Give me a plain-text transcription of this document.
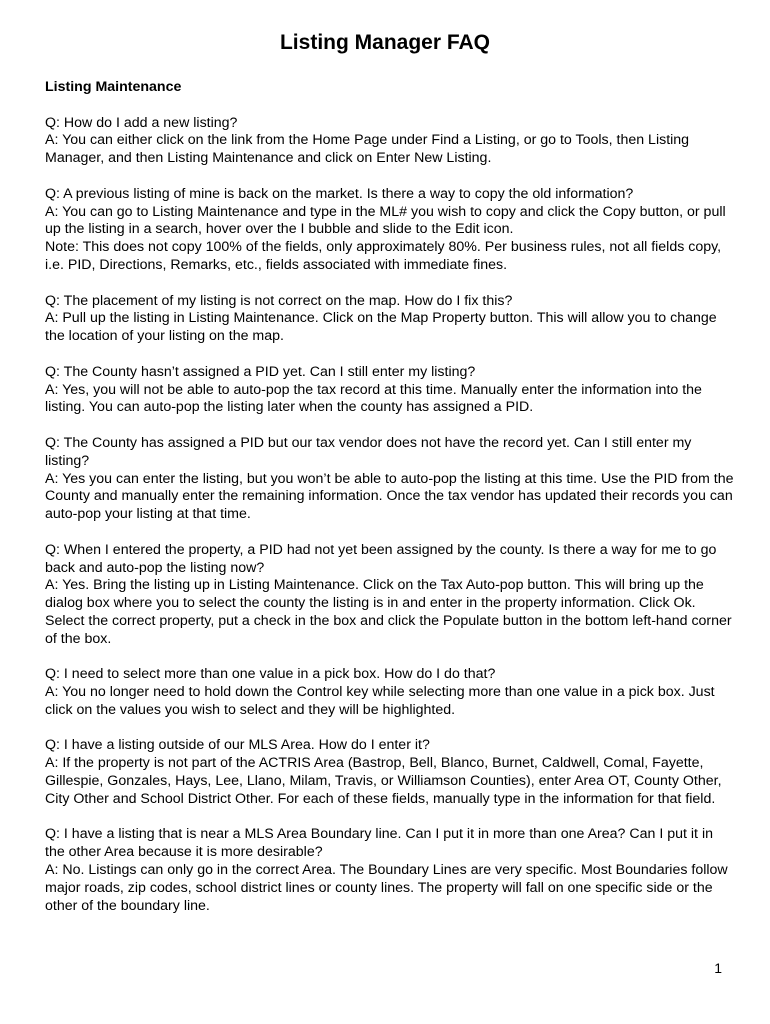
Listing Manager FAQ
Listing Maintenance

Q: How do I add a new listing?

A: You can either click on the link from the Home Page under Find a Listing, or go to Tools, then Listing Manager, and then Listing Maintenance and click on Enter New Listing.

Q: A previous listing of mine is back on the market. Is there a way to copy the old information?

A: You can go to Listing Maintenance and type in the ML# you wish to copy and click the Copy button, or pull up the listing in a search, hover over the I bubble and slide to the Edit icon.

Note: This does not copy 100% of the fields, only approximately 80%. Per business rules, not all fields copy, i.e. PID, Directions, Remarks, etc., fields associated with immediate fines.

Q: The placement of my listing is not correct on the map. How do I fix this?

A: Pull up the listing in Listing Maintenance. Click on the Map Property button. This will allow you to change the location of your listing on the map.

Q: The County hasn’t assigned a PID yet. Can I still enter my listing?

A: Yes, you will not be able to auto-pop the tax record at this time. Manually enter the information into the listing. You can auto-pop the listing later when the county has assigned a PID.

Q: The County has assigned a PID but our tax vendor does not have the record yet. Can I still enter my listing?

A: Yes you can enter the listing, but you won’t be able to auto-pop the listing at this time. Use the PID from the County and manually enter the remaining information. Once the tax vendor has updated their records you can auto-pop your listing at that time.

Q: When I entered the property, a PID had not yet been assigned by the county. Is there a way for me to go back and auto-pop the listing now?

A: Yes. Bring the listing up in Listing Maintenance. Click on the Tax Auto-pop button. This will bring up the dialog box where you to select the county the listing is in and enter in the property information. Click Ok. Select the correct property, put a check in the box and click the Populate button in the bottom left-hand corner of the box.

Q: I need to select more than one value in a pick box. How do I do that?

A: You no longer need to hold down the Control key while selecting more than one value in a pick box. Just click on the values you wish to select and they will be highlighted.

Q: I have a listing outside of our MLS Area. How do I enter it?

A: If the property is not part of the ACTRIS Area (Bastrop, Bell, Blanco, Burnet, Caldwell, Comal, Fayette, Gillespie, Gonzales, Hays, Lee, Llano, Milam, Travis, or Williamson Counties), enter Area OT, County Other, City Other and School District Other. For each of these fields, manually type in the information for that field.

Q: I have a listing that is near a MLS Area Boundary line. Can I put it in more than one Area? Can I put it in the other Area because it is more desirable?

A: No. Listings can only go in the correct Area. The Boundary Lines are very specific. Most Boundaries follow major roads, zip codes, school district lines or county lines. The property will fall on one specific side or the other of the boundary line.

1
